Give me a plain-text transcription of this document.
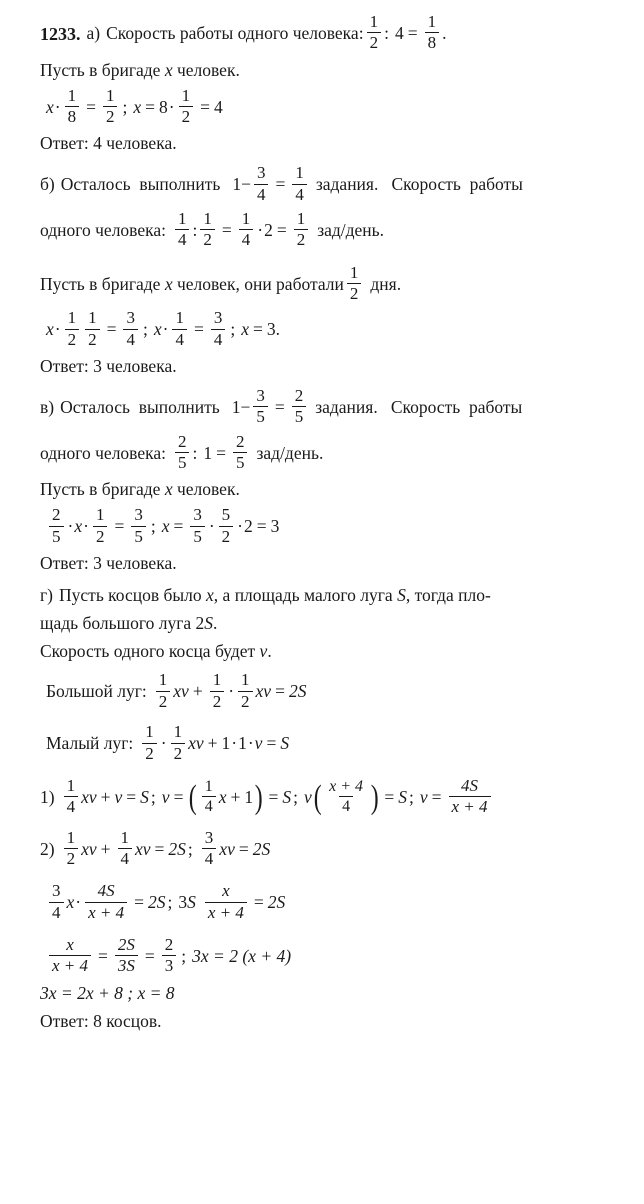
1233. а) Скорость работы одного человека: $\frac{1}{2}$ : $4 = \frac{1}{8}$ .
Пусть в бригаде x человек.
$x \cdot \frac{1}{8} = \frac{1}{2}$ ; $x = 8 \cdot \frac{1}{2} = 4$
Ответ: 4 человека.
б) Осталось  выполнить $1 - \frac{3}{4} = \frac{1}{4}$ задания.   Скорость  работы
одного человека: $\frac{1}{4}$ : $\frac{1}{2} = \frac{1}{4} \cdot 2 = \frac{1}{2}$ зад/день.
Пусть в бригаде x человек, они работали $\frac{1}{2}$ дня.
$x \cdot \frac{1}{2} \frac{1}{2} = \frac{3}{4}$ ; $x \cdot \frac{1}{4} = \frac{3}{4}$ ; x = 3.
Ответ: 3 человека.
в) Осталось  выполнить $1 - \frac{3}{5} = \frac{2}{5}$ задания.   Скорость  работы
одного человека: $\frac{2}{5}$ : $1 = \frac{2}{5}$ зад/день.
Пусть в бригаде x человек.
$\frac{2}{5} \cdot x \cdot \frac{1}{2} = \frac{3}{5}$ ; $x = \frac{3}{5} \cdot \frac{5}{2} \cdot 2 = 3$
Ответ: 3 человека.
г) Пусть косцов было x , а площадь малого луга S , тогда пло-
щадь большого луга 2 S .
Скорость одного косца будет v .
Большой луг: $\frac{1}{2}$ xv + $\frac{1}{2} \cdot \frac{1}{2}$ xv = 2S
Малый луг: $\frac{1}{2} \cdot \frac{1}{2}$ xv + 1 · 1 · v = S
$1) \frac{1}{4}$ xv + v = S ; v = ( $\frac{1}{4}$ x + 1 ) = S ; v ( $\frac{x + 4}{4}$ ) = S ; $v = \frac{4S}{x + 4}$
$2) \frac{1}{2}$ xv + $\frac{1}{4}$ xv = 2S ; $\frac{3}{4}$ xv = 2S
$\frac{3}{4}$ $x \cdot \frac{4S}{x + 4} = 2S$ ; 3 S $\frac{x}{x + 4} = 2S$
$\frac{x}{x + 4} = \frac{2S}{3S} = \frac{2}{3}$ ; 3x = 2 (x + 4)
3x = 2x + 8 ; x = 8
Ответ: 8 косцов.
